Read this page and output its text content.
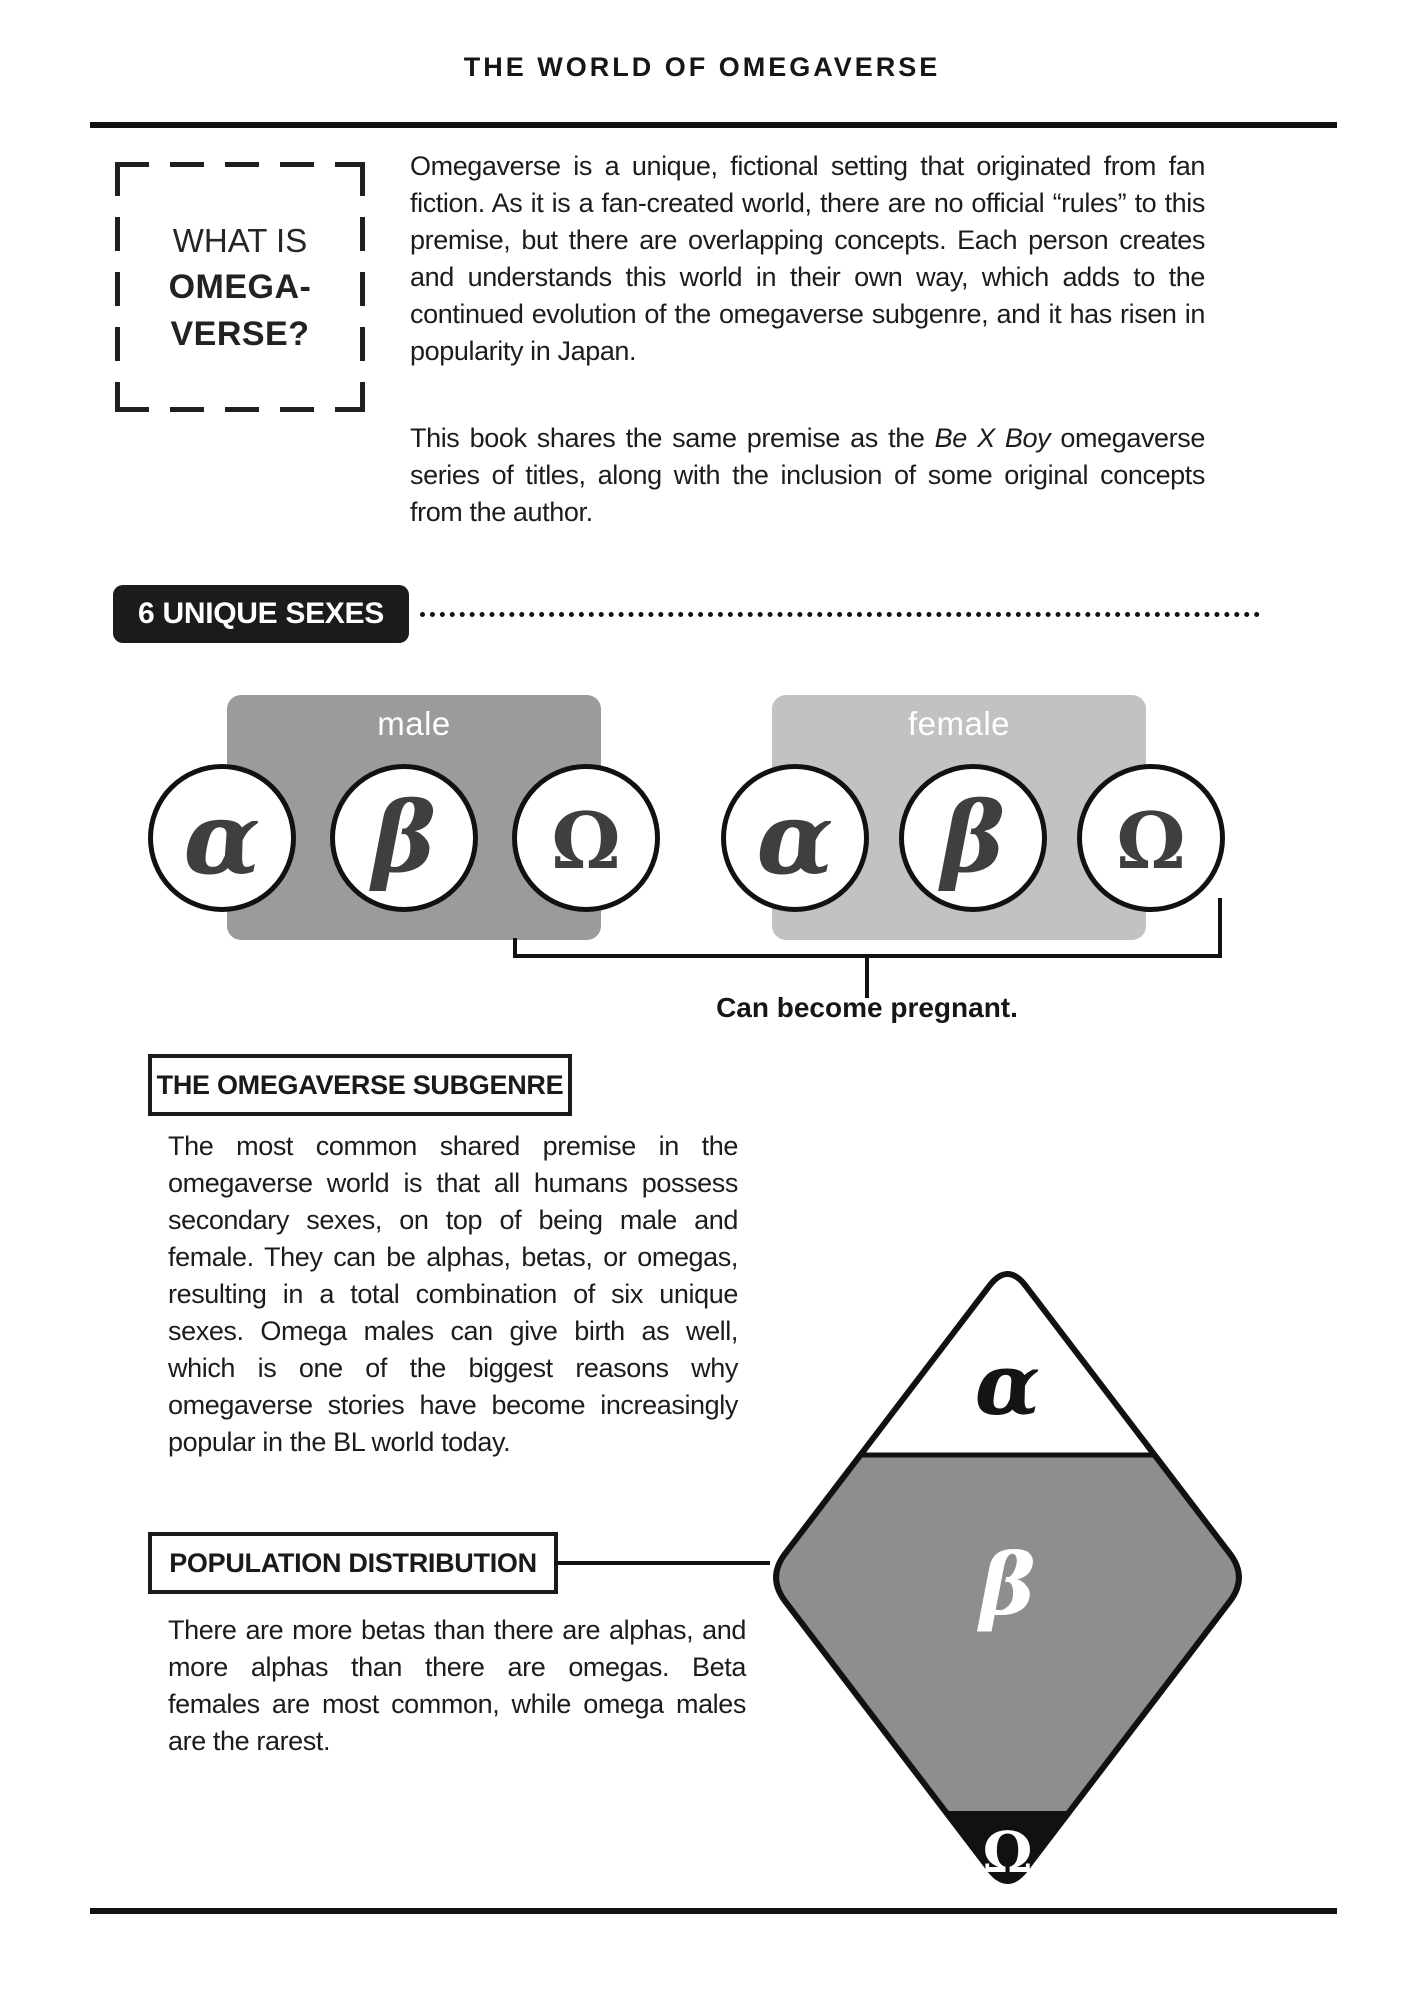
THE WORLD OF OMEGAVERSE
WHAT IS
OMEGA-
VERSE?
Omegaverse is a unique, fictional setting that originated from fan fiction. As it is a fan-created world, there are no official “rules” to this premise, but there are overlapping concepts. Each person creates and understands this world in their own way, which adds to the continued evolution of the omegaverse subgenre, and it has risen in popularity in Japan.
This book shares the same premise as the Be X Boy omegaverse series of titles, along with the inclusion of some original concepts from the author.
6 UNIQUE SEXES
male	female
α β Ω α β Ω
Can become pregnant.
THE OMEGAVERSE SUBGENRE
The most common shared premise in the omegaverse world is that all humans possess secondary sexes, on top of being male and female. They can be alphas, betas, or omegas, resulting in a total combination of six unique sexes. Omega males can give birth as well, which is one of the biggest reasons why omegaverse stories have become increasingly popular in the BL world today.
POPULATION DISTRIBUTION
There are more betas than there are alphas, and more alphas than there are omegas. Beta females are most common, while omega males are the rarest.
α
β
Ω
